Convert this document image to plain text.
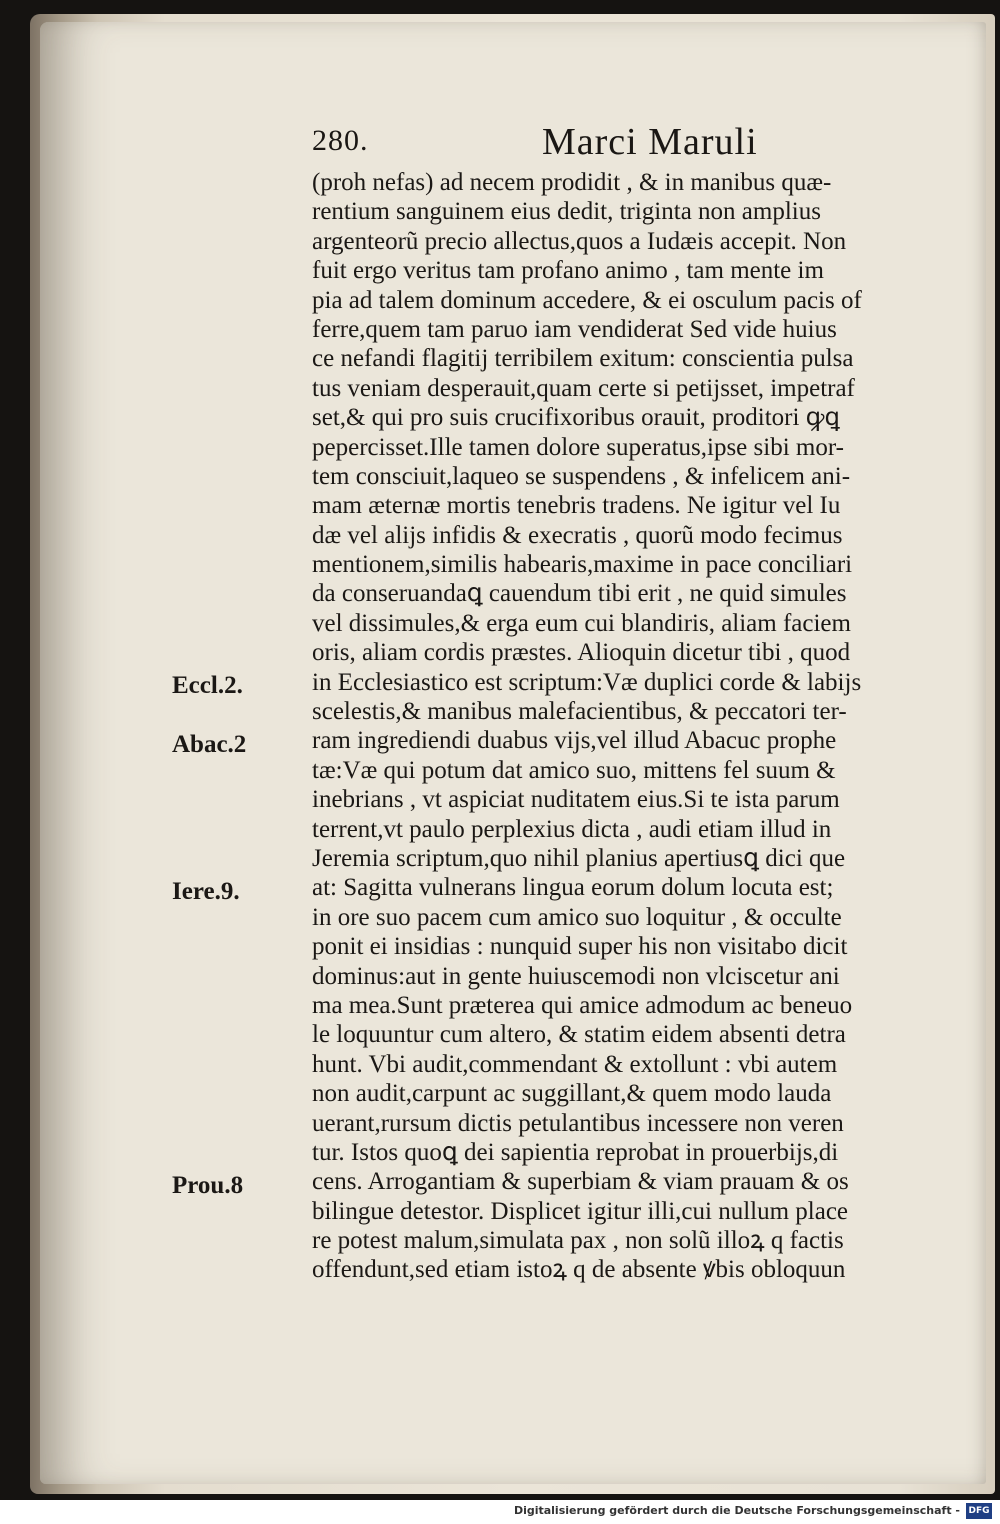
280.	Marci Maruli
(proh nefas) ad necem prodidit , & in manibus quæ-
rentium sanguinem eius dedit, triginta non amplius
argenteorũ precio allectus,quos a Iudæis accepit. Non
fuit ergo veritus tam profano animo , tam mente im
pia ad talem dominum accedere, & ei osculum pacis of
ferre,quem tam paruo iam vendiderat Sed vide huius
ce nefandi flagitij terribilem exitum: conscientia pulsa
tus veniam desperauit,quam certe si petijsset, impetraf
set,& qui pro suis crucifixoribus orauit, proditori ꝙꝗ
pepercisset.Ille tamen dolore superatus,ipse sibi mor-
tem consciuit,laqueo se suspendens , & infelicem ani-
mam æternæ mortis tenebris tradens. Ne igitur vel Iu
dæ vel alijs infidis & execratis , quorũ modo fecimus
mentionem,similis habearis,maxime in pace conciliari
da conseruandaꝗ cauendum tibi erit , ne quid simules
vel dissimules,& erga eum cui blandiris, aliam faciem
oris, aliam cordis præstes. Alioquin dicetur tibi , quod
in Ecclesiastico est scriptum:Væ duplici corde & labijs
scelestis,& manibus malefacientibus, & peccatori ter-
ram ingrediendi duabus vijs,vel illud Abacuc prophe
tæ:Væ qui potum dat amico suo, mittens fel suum &
inebrians , vt aspiciat nuditatem eius.Si te ista parum
terrent,vt paulo perplexius dicta , audi etiam illud in
Jeremia scriptum,quo nihil planius apertiusꝗ dici que
at: Sagitta vulnerans lingua eorum dolum locuta est;
in ore suo pacem cum amico suo loquitur , & occulte
ponit ei insidias : nunquid super his non visitabo dicit
dominus:aut in gente huiuscemodi non vlciscetur ani
ma mea.Sunt præterea qui amice admodum ac beneuo
le loquuntur cum altero, & statim eidem absenti detra
hunt. Vbi audit,commendant & extollunt : vbi autem
non audit,carpunt ac suggillant,& quem modo lauda
uerant,rursum dictis petulantibus incessere non veren
tur. Istos quoꝗ dei sapientia reprobat in prouerbijs,di
cens. Arrogantiam & superbiam & viam prauam & os
bilingue detestor. Displicet igitur illi,cui nullum place
re potest malum,simulata pax , non solũ illoꝝ q factis
offendunt,sed etiam istoꝝ q de absente ꝟbis obloquun
Eccl.2.
Abac.2
Iere.9.
Prou.8
Digitalisierung gefördert durch die Deutsche Forschungsgemeinschaft - DFG
